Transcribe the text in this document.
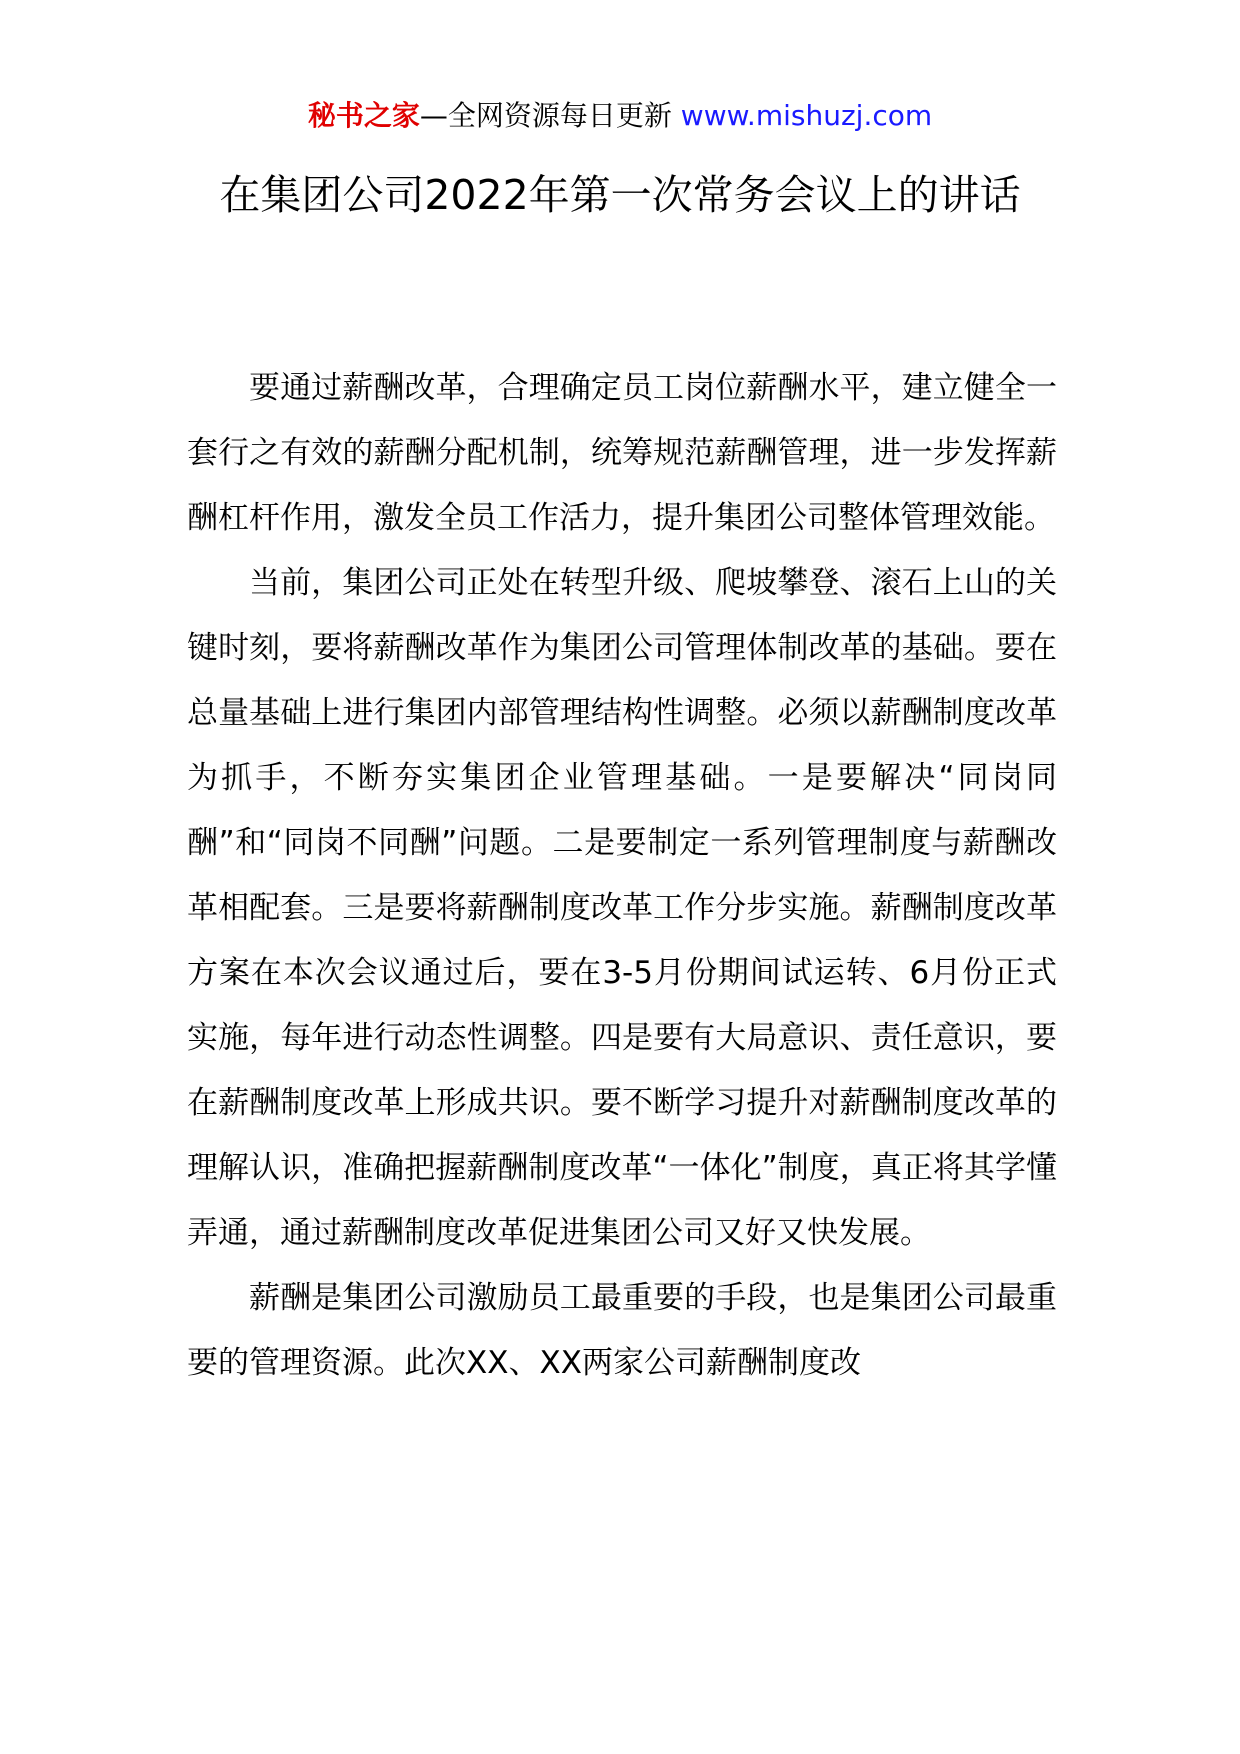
秘书之家—全网资源每日更新 www.mishuzj.com
在集团公司2022年第一次常务会议上的讲话

要通过薪酬改革，合理确定员工岗位薪酬水平，建立健全一套行之有效的薪酬分配机制，统筹规范薪酬管理，进一步发挥薪酬杠杆作用，激发全员工作活力，提升集团公司整体管理效能。

当前，集团公司正处在转型升级、爬坡攀登、滚石上山的关键时刻，要将薪酬改革作为集团公司管理体制改革的基础。要在总量基础上进行集团内部管理结构性调整。必须以薪酬制度改革为抓手，不断夯实集团企业管理基础。一是要解决“同岗同酬”和“同岗不同酬”问题。二是要制定一系列管理制度与薪酬改革相配套。三是要将薪酬制度改革工作分步实施。薪酬制度改革方案在本次会议通过后，要在3-5月份期间试运转、6月份正式实施，每年进行动态性调整。四是要有大局意识、责任意识，要在薪酬制度改革上形成共识。要不断学习提升对薪酬制度改革的理解认识，准确把握薪酬制度改革“一体化”制度，真正将其学懂弄通，通过薪酬制度改革促进集团公司又好又快发展。

薪酬是集团公司激励员工最重要的手段，也是集团公司最重要的管理资源。此次XX、XX两家公司薪酬制度改
